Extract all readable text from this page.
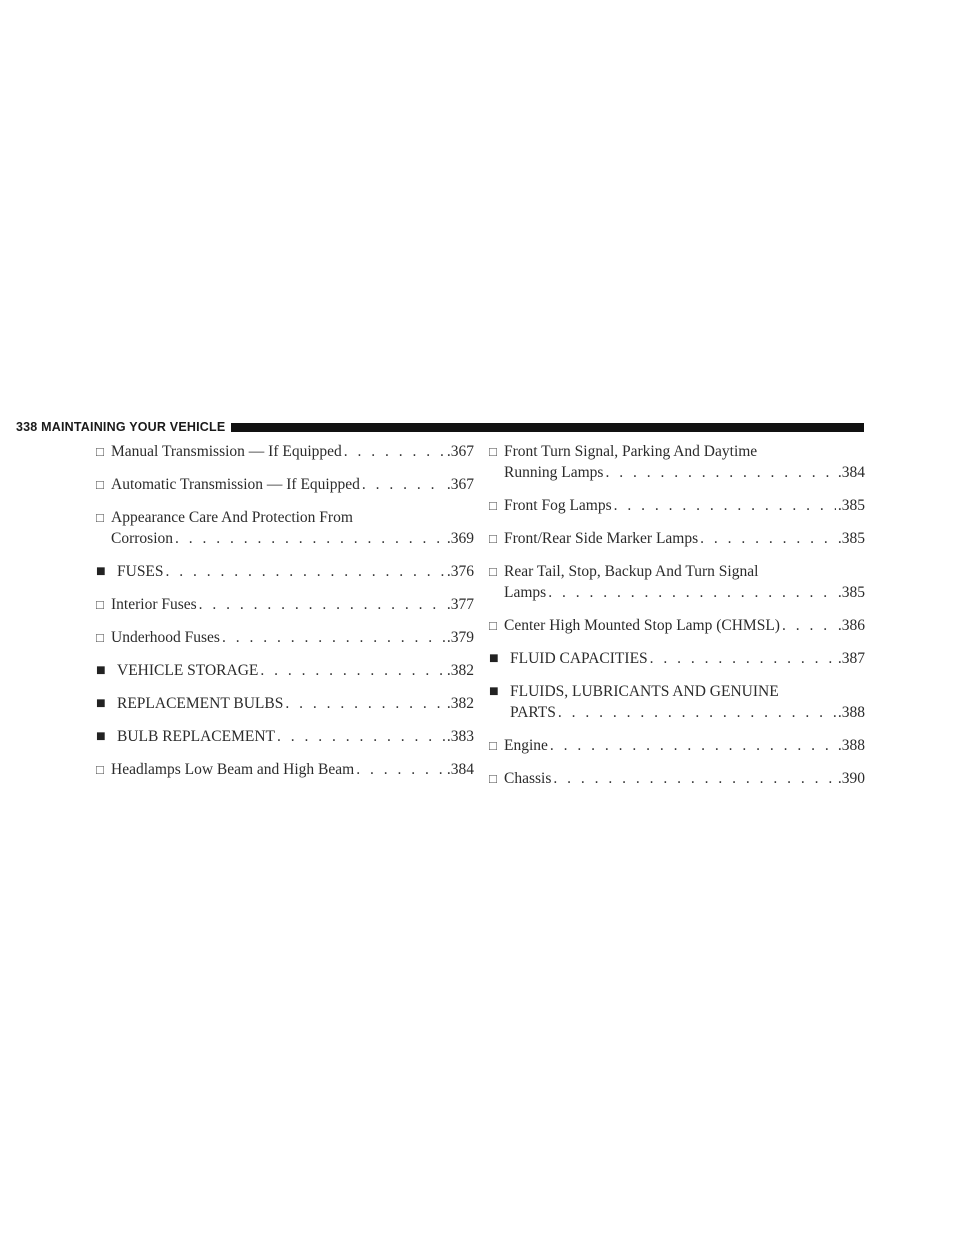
338 MAINTAINING YOUR VEHICLE
□ Manual Transmission — If Equipped . . .	.367
□ Automatic Transmission — If Equipped . . .	.367
□ Appearance Care And Protection From
Corrosion . . .	.369
■ FUSES . . .	.376
□ Interior Fuses . . .	.377
□ Underhood Fuses . . .	.379
■ VEHICLE STORAGE . . .	.382
■ REPLACEMENT BULBS . . .	.382
■ BULB REPLACEMENT . . .	.383
□ Headlamps Low Beam and High Beam . . .	.384
□ Front Turn Signal, Parking And Daytime
Running Lamps . . .	.384
□ Front Fog Lamps . . .	.385
□ Front/Rear Side Marker Lamps . . .	.385
□ Rear Tail, Stop, Backup And Turn Signal
Lamps . . .	.385
□ Center High Mounted Stop Lamp (CHMSL) . . .	.386
■ FLUID CAPACITIES . . .	.387
■ FLUIDS, LUBRICANTS AND GENUINE
PARTS . . .	.388
□ Engine . . .	.388
□ Chassis . . .	.390
